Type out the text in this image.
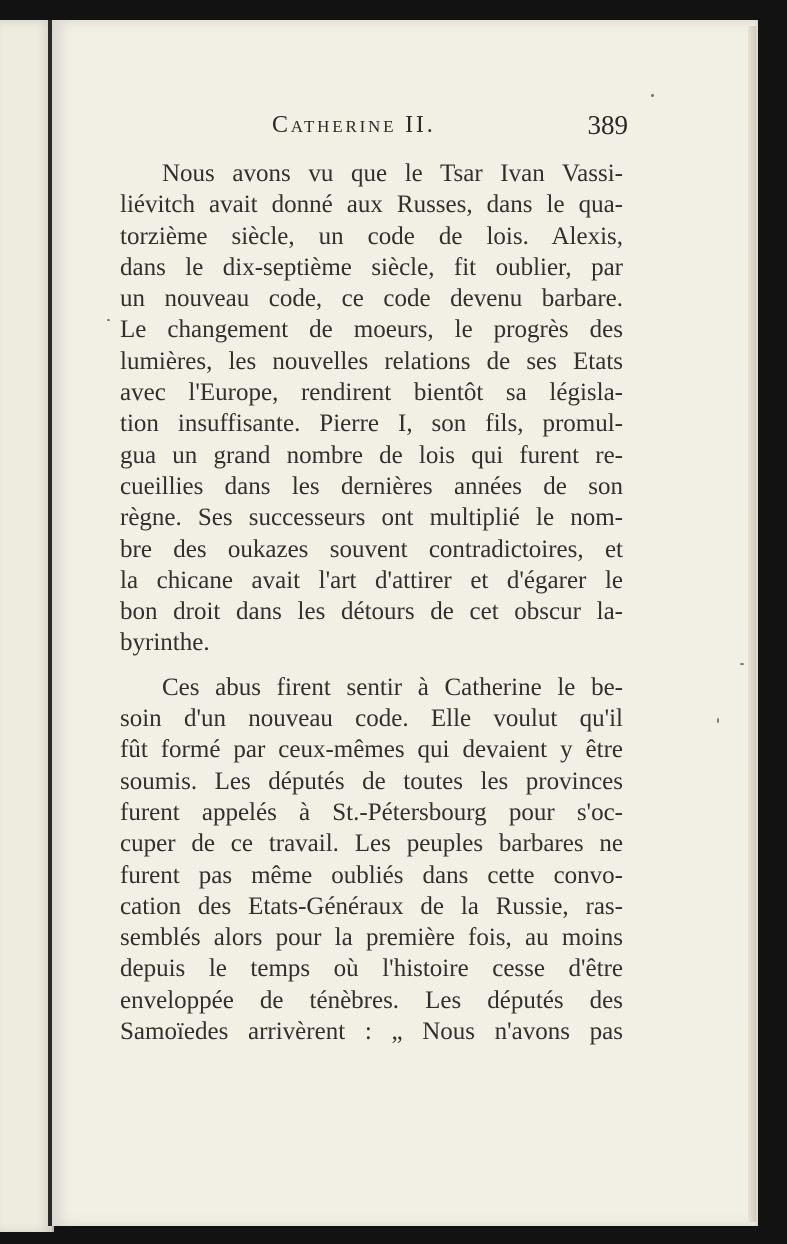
Catherine II.	389
Nous avons vu que le Tsar Ivan Vassi-
liévitch avait donné aux Russes, dans le qua-
torzième siècle, un code de lois. Alexis,
dans le dix-septième siècle, fit oublier, par
un nouveau code, ce code devenu barbare.
Le changement de moeurs, le progrès des
lumières, les nouvelles relations de ses Etats
avec l'Europe, rendirent bientôt sa législa-
tion insuffisante. Pierre I, son fils, promul-
gua un grand nombre de lois qui furent re-
cueillies dans les dernières années de son
règne. Ses successeurs ont multiplié le nom-
bre des oukazes souvent contradictoires, et
la chicane avait l'art d'attirer et d'égarer le
bon droit dans les détours de cet obscur la-
byrinthe.
Ces abus firent sentir à Catherine le be-
soin d'un nouveau code. Elle voulut qu'il
fût formé par ceux-mêmes qui devaient y être
soumis. Les députés de toutes les provinces
furent appelés à St.-Pétersbourg pour s'oc-
cuper de ce travail. Les peuples barbares ne
furent pas même oubliés dans cette convo-
cation des Etats-Généraux de la Russie, ras-
semblés alors pour la première fois, au moins
depuis le temps où l'histoire cesse d'être
enveloppée de ténèbres. Les députés des
Samoïedes arrivèrent : „ Nous n'avons pas
